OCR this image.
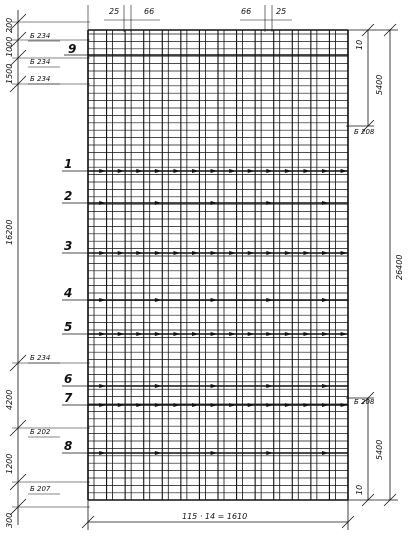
200
1000
1500
16200
4200
1200
300
Б 234
Б 234
Б 234
Б 234
Б 202
Б 207
25	66	66	25
5400
26400
5400
10
10
Б 208
Б 208
9
1
2
3
4
5
6
7
8
115 · 14 = 1610
